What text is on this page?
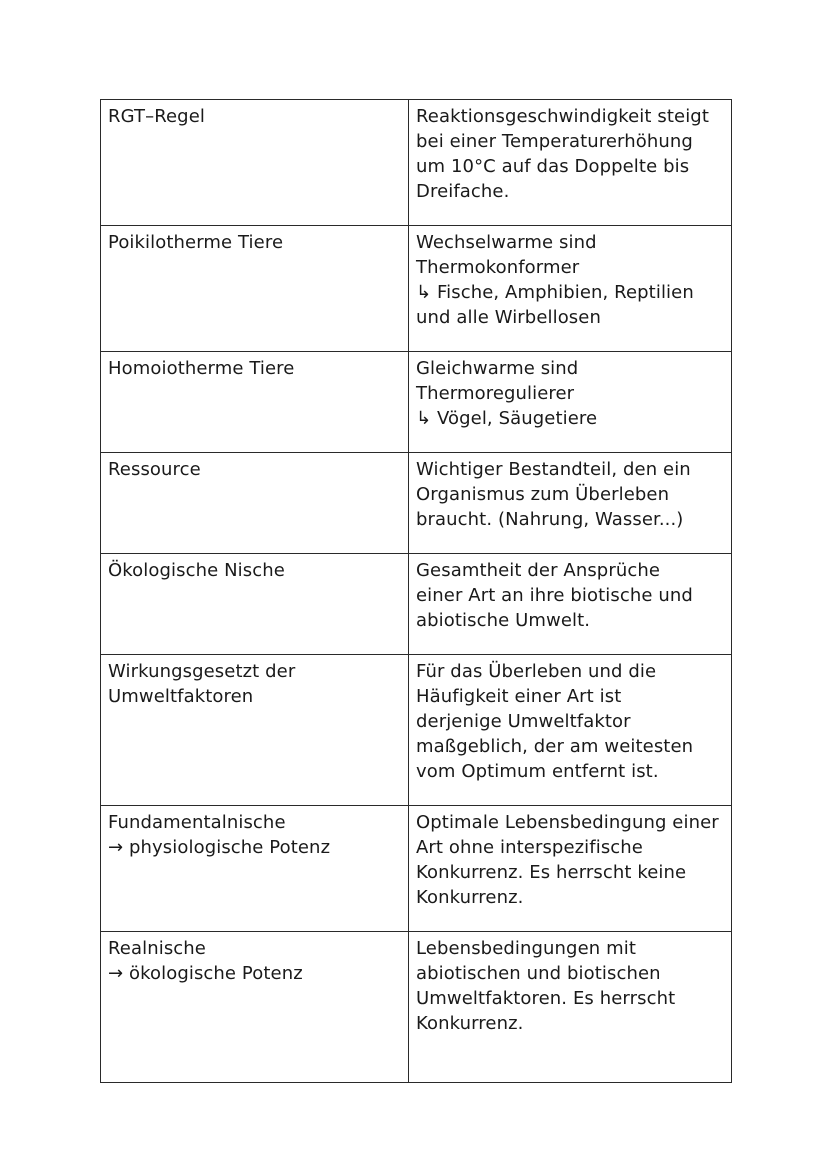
RGT–Regel	Reaktionsgeschwindigkeit steigt
bei einer Temperaturerhöhung
um 10°C auf das Doppelte bis
Dreifache.
Poikilotherme Tiere	Wechselwarme sind
Thermokonformer
↳ Fische, Amphibien, Reptilien
und alle Wirbellosen
Homoiotherme Tiere	Gleichwarme sind
Thermoregulierer
↳ Vögel, Säugetiere
Ressource	Wichtiger Bestandteil, den ein
Organismus zum Überleben
braucht. (Nahrung, Wasser...)
Ökologische Nische	Gesamtheit der Ansprüche
einer Art an ihre biotische und
abiotische Umwelt.
Wirkungsgesetzt der
Umweltfaktoren	Für das Überleben und die
Häufigkeit einer Art ist
derjenige Umweltfaktor
maßgeblich, der am weitesten
vom Optimum entfernt ist.
Fundamentalnische
→ physiologische Potenz	Optimale Lebensbedingung einer
Art ohne interspezifische
Konkurrenz. Es herrscht keine
Konkurrenz.
Realnische
→ ökologische Potenz	Lebensbedingungen mit
abiotischen und biotischen
Umweltfaktoren. Es herrscht
Konkurrenz.
